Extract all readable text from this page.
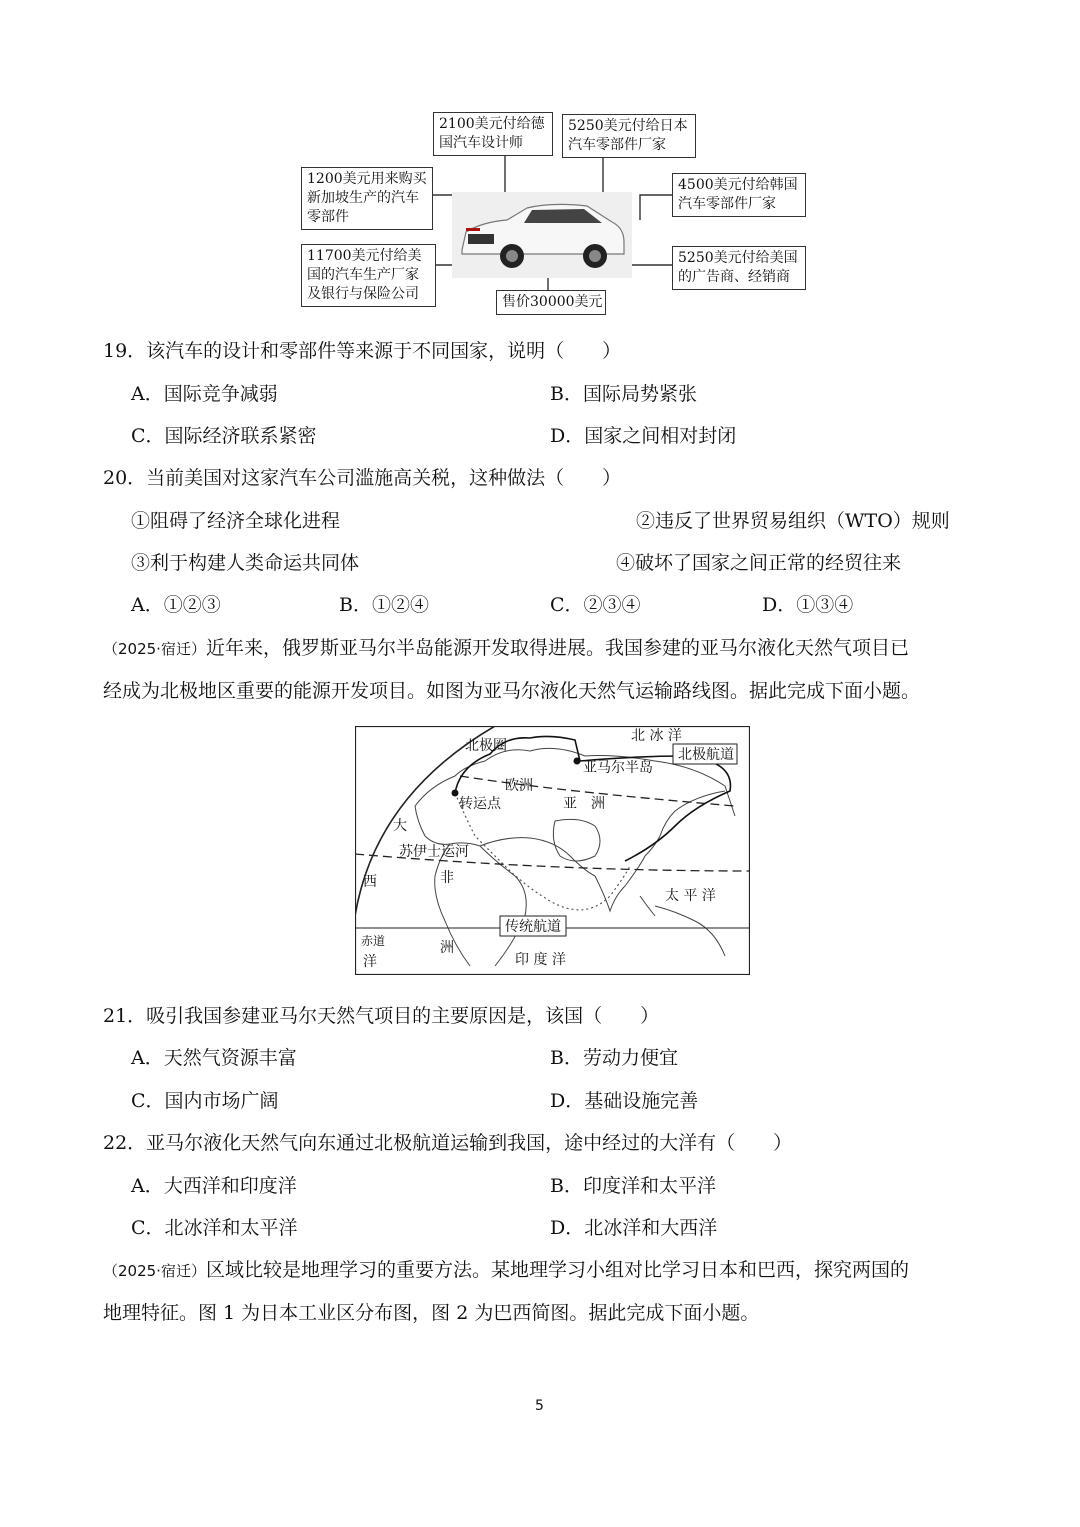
2100美元付给德
国汽车设计师
5250美元付给日本
汽车零部件厂家
1200美元用来购买
新加坡生产的汽车
零部件
4500美元付给韩国
汽车零部件厂家
11700美元付给美
国的汽车生产厂家
及银行与保险公司
5250美元付给美国
的广告商、经销商
售价30000美元
19．该汽车的设计和零部件等来源于不同国家，说明（　　）
A．国际竞争减弱	B．国际局势紧张
C．国际经济联系紧密	D．国家之间相对封闭
20．当前美国对这家汽车公司滥施高关税，这种做法（　　）
①阻碍了经济全球化进程	②违反了世界贸易组织（WTO）规则
③利于构建人类命运共同体	④破坏了国家之间正常的经贸往来
A．①②③	B．①②④	C．②③④	D．①③④
（2025·宿迁）近年来，俄罗斯亚马尔半岛能源开发取得进展。我国参建的亚马尔液化天然气项目已
经成为北极地区重要的能源开发项目。如图为亚马尔液化天然气运输路线图。据此完成下面小题。
北 冰 洋
北极航道
北极圈
亚马尔半岛
欧洲
转运点	亚　洲
大
西
洋
苏伊士运河
非
洲
太 平 洋
传统航道
赤道
印 度 洋
21．吸引我国参建亚马尔天然气项目的主要原因是，该国（　　）
A．天然气资源丰富	B．劳动力便宜
C．国内市场广阔	D．基础设施完善
22．亚马尔液化天然气向东通过北极航道运输到我国，途中经过的大洋有（　　）
A．大西洋和印度洋	B．印度洋和太平洋
C．北冰洋和太平洋	D．北冰洋和大西洋
（2025·宿迁）区域比较是地理学习的重要方法。某地理学习小组对比学习日本和巴西，探究两国的
地理特征。图 1 为日本工业区分布图，图 2 为巴西简图。据此完成下面小题。
5
